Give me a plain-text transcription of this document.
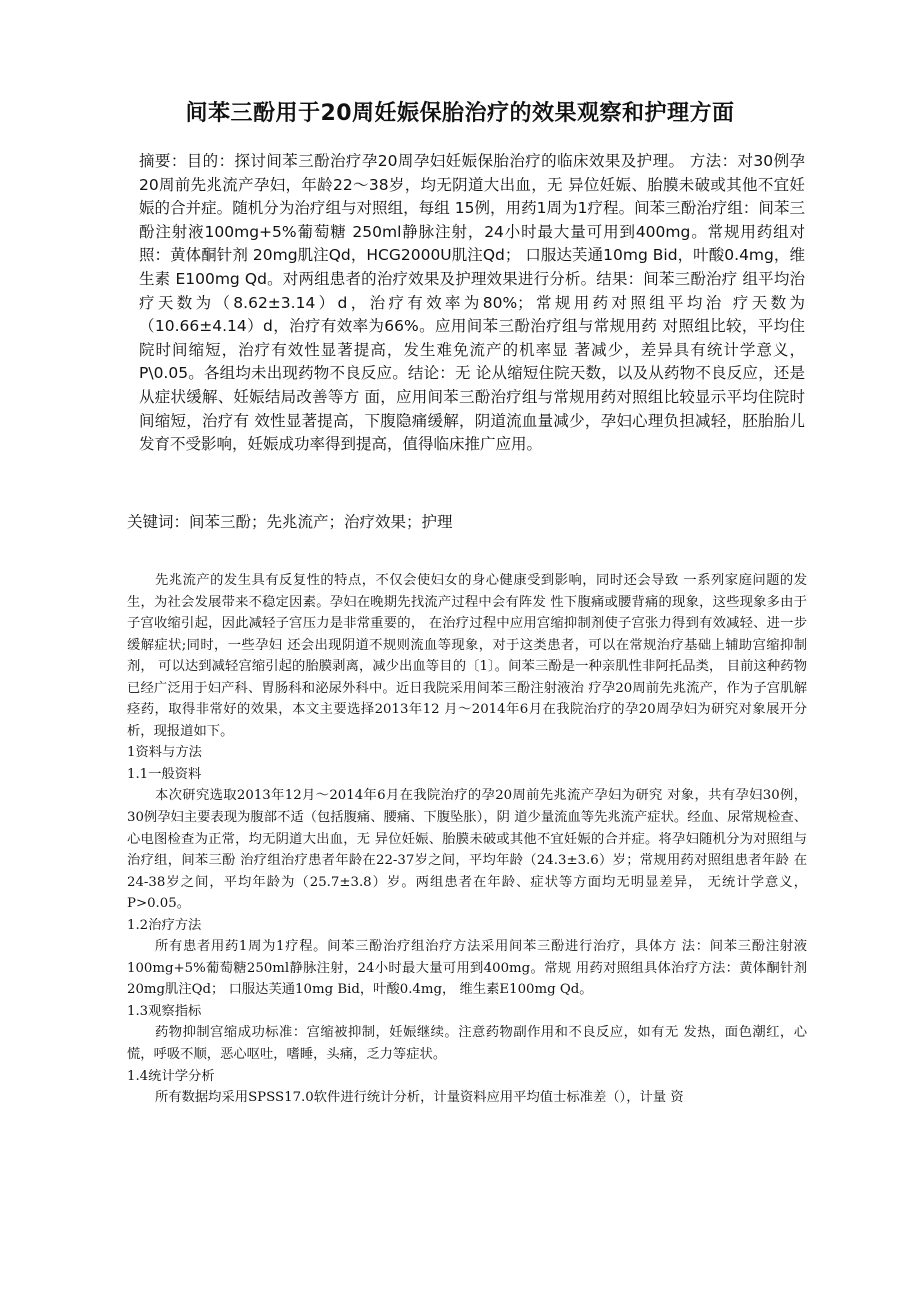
间苯三酚用于20周妊娠保胎治疗的效果观察和护理方面
摘要：目的：探讨间苯三酚治疗孕20周孕妇妊娠保胎治疗的临床效果及护理。 方法：对30例孕20周前先兆流产孕妇，年龄22〜38岁，均无阴道大出血，无 异位妊娠、胎膜未破或其他不宜妊娠的合并症。随机分为治疗组与对照组，每组 15例，用药1周为1疗程。间苯三酚治疗组：间苯三酚注射液100mg+5%葡萄糖 250ml静脉注射，24小时最大量可用到400mg。常规用药组对照：黄体酮针剂 20mg肌注Qd，HCG2000U肌注Qd； 口服达芙通10mg Bid，叶酸0.4mg，维生素 E100mg Qd。对两组患者的治疗效果及护理效果进行分析。结果：间苯三酚治疗 组平均治疗天数为（8.62±3.14）d，治疗有效率为80%；常规用药对照组平均治 疗天数为（10.66±4.14）d，治疗有效率为66%。应用间苯三酚治疗组与常规用药 对照组比较，平均住院时间缩短，治疗有效性显著提高，发生难免流产的机率显 著减少，差异具有统计学意义，P\0.05。各组均未出现药物不良反应。结论：无 论从缩短住院天数，以及从药物不良反应，还是从症状缓解、妊娠结局改善等方 面，应用间苯三酚治疗组与常规用药对照组比较显示平均住院时间缩短，治疗有 效性显著提高，下腹隐痛缓解，阴道流血量减少，孕妇心理负担减轻，胚胎胎儿 发育不受影响，妊娠成功率得到提高，值得临床推广应用。
关键词：间苯三酚；先兆流产；治疗效果；护理

先兆流产的发生具有反复性的特点，不仅会使妇女的身心健康受到影响，同时还会导致 一系列家庭问题的发生，为社会发展带来不稳定因素。孕妇在晚期先找流产过程中会有阵发 性下腹痛或腰背痛的现象，这些现象多由于子宫收缩引起，因此减轻子宫压力是非常重要的， 在治疗过程中应用宫缩抑制剂使子宫张力得到有效减轻、进一步缓解症状;同时，一些孕妇 还会出现阴道不规则流血等现象，对于这类患者，可以在常规治疗基础上辅助宫缩抑制剂， 可以达到减轻宫缩引起的胎膜剥离，减少出血等目的〔1〕。间苯三酚是一种亲肌性非阿托品类， 目前这种药物已经广泛用于妇产科、胃肠科和泌尿外科中。近日我院采用间苯三酚注射液治 疗孕20周前先兆流产，作为子宫肌解痉药，取得非常好的效果，本文主要选择2013年12 月〜2014年6月在我院治疗的孕20周孕妇为研究对象展开分析，现报道如下。

1资料与方法
1.1一般资料

本次研究选取2013年12月〜2014年6月在我院治疗的孕20周前先兆流产孕妇为研究 对象，共有孕妇30例，30例孕妇主要表现为腹部不适（包括腹痛、腰痛、下腹坠胀），阴 道少量流血等先兆流产症状。经血、尿常规检查、心电图检查为正常，均无阴道大出血，无 异位妊娠、胎膜未破或其他不宜妊娠的合并症。将孕妇随机分为对照组与治疗组，间苯三酚 治疗组治疗患者年龄在22-37岁之间，平均年龄（24.3±3.6）岁；常规用药对照组患者年龄 在24-38岁之间，平均年龄为（25.7±3.8）岁。两组患者在年龄、症状等方面均无明显差异， 无统计学意义，P>0.05。

1.2治疗方法

所有患者用药1周为1疗程。间苯三酚治疗组治疗方法采用间苯三酚进行治疗，具体方 法：间苯三酚注射液100mg+5%葡萄糖250ml静脉注射，24小时最大量可用到400mg。常规 用药对照组具体治疗方法：黄体酮针剂20mg肌注Qd； 口服达芙通10mg Bid，叶酸0.4mg， 维生素E100mg Qd。

1.3观察指标

药物抑制宫缩成功标准：宫缩被抑制，妊娠继续。注意药物副作用和不良反应，如有无 发热，面色潮红，心慌，呼吸不顺，恶心呕吐，嗜睡，头痛，乏力等症状。

1.4统计学分析

所有数据均采用SPSS17.0软件进行统计分析，计量资料应用平均值士标准差（），计量 资
